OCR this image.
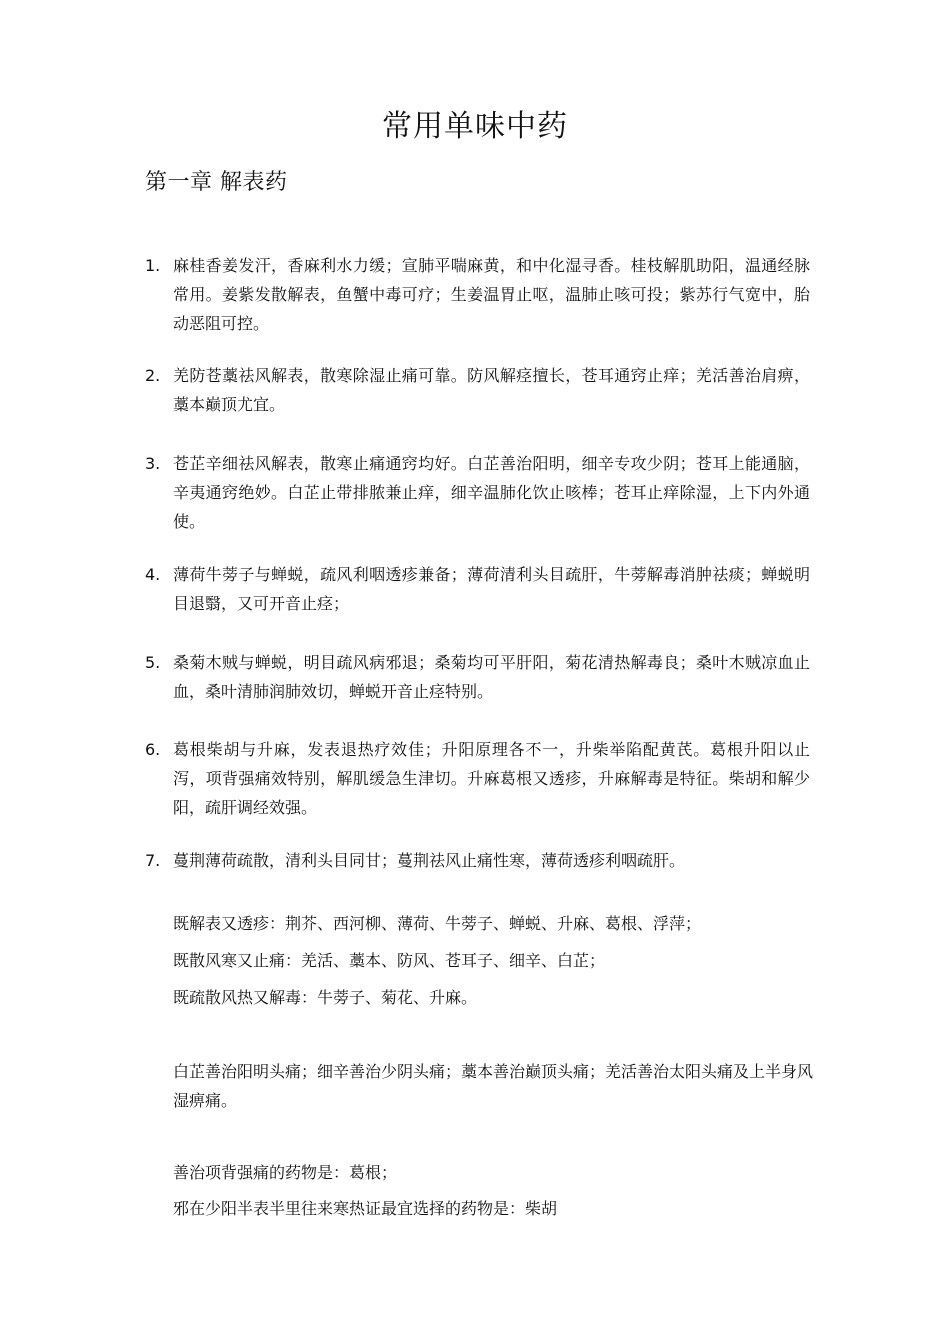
常用单味中药
第一章 解表药
1. 麻桂香姜发汗，香麻利水力缓；宣肺平喘麻黄，和中化湿寻香。桂枝解肌助阳，温通经脉常用。姜紫发散解表，鱼蟹中毒可疗；生姜温胃止呕，温肺止咳可投；紫苏行气宽中，胎动恶阻可控。
2. 羌防苍藁祛风解表，散寒除湿止痛可靠。防风解痉擅长，苍耳通窍止痒；羌活善治肩痹，藁本巅顶尤宜。
3. 苍芷辛细祛风解表，散寒止痛通窍均好。白芷善治阳明，细辛专攻少阴；苍耳上能通脑，辛夷通窍绝妙。白芷止带排脓兼止痒，细辛温肺化饮止咳棒；苍耳止痒除湿，上下内外通使。
4. 薄荷牛蒡子与蝉蜕，疏风利咽透疹兼备；薄荷清利头目疏肝，牛蒡解毒消肿祛痰；蝉蜕明目退翳，又可开音止痉；
5. 桑菊木贼与蝉蜕，明目疏风病邪退；桑菊均可平肝阳，菊花清热解毒良；桑叶木贼凉血止血，桑叶清肺润肺效切，蝉蜕开音止痉特别。
6. 葛根柴胡与升麻，发表退热疗效佳；升阳原理各不一，升柴举陷配黄芪。葛根升阳以止泻，项背强痛效特别，解肌缓急生津切。升麻葛根又透疹，升麻解毒是特征。柴胡和解少阳，疏肝调经效强。
7. 蔓荆薄荷疏散，清利头目同甘；蔓荆祛风止痛性寒，薄荷透疹利咽疏肝。
既解表又透疹：荆芥、西河柳、薄荷、牛蒡子、蝉蜕、升麻、葛根、浮萍；
既散风寒又止痛：羌活、藁本、防风、苍耳子、细辛、白芷；
既疏散风热又解毒：牛蒡子、菊花、升麻。
白芷善治阳明头痛；细辛善治少阴头痛；藁本善治巅顶头痛；羌活善治太阳头痛及上半身风湿痹痛。
善治项背强痛的药物是：葛根；
邪在少阳半表半里往来寒热证最宜选择的药物是：柴胡
